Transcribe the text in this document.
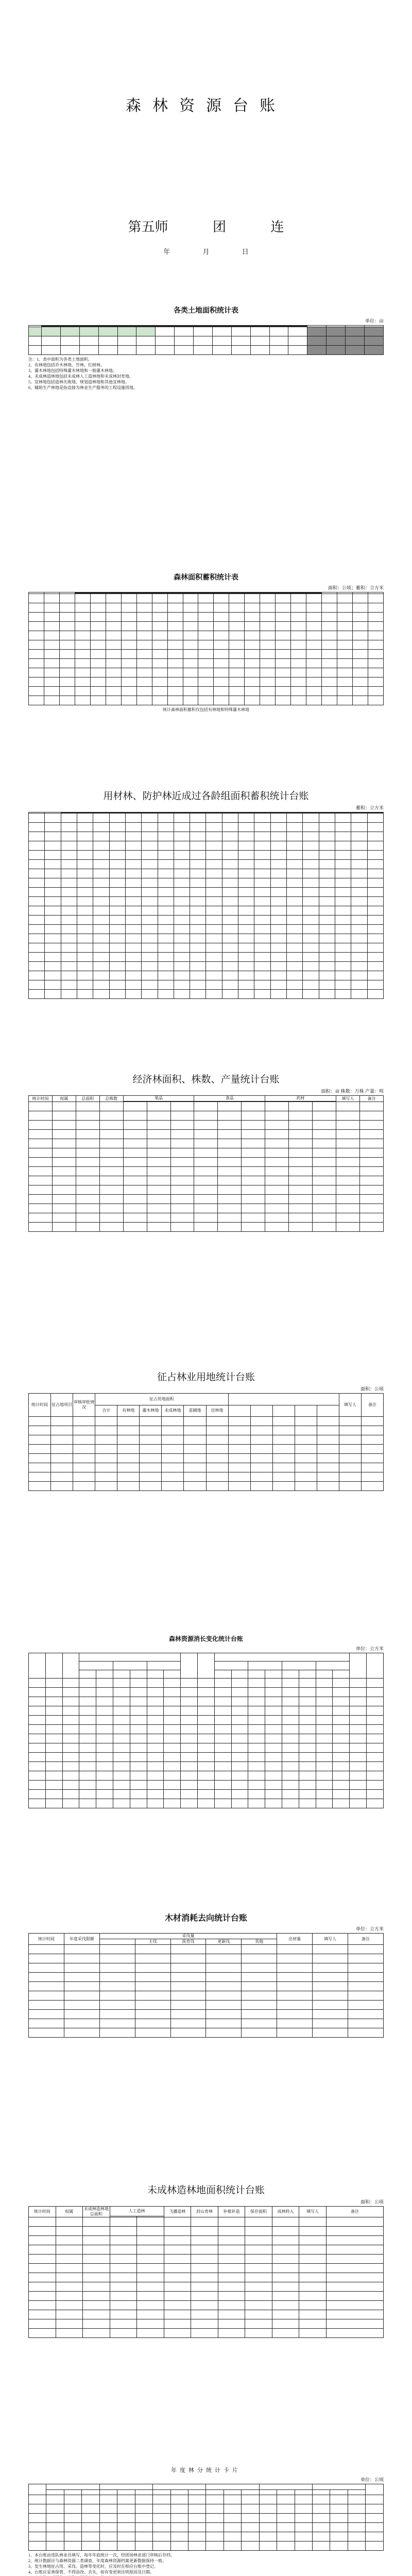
森林资源台账
第五师	团	连
年	月	日
各类土地面积统计表
单位：亩

注：1、表中面积为各类土地面积。
2、有林地包括乔木林地、竹林、红树林。
3、灌木林地包括特殊灌木林地和一般灌木林地。
4、未成林造林地包括未成林人工造林地和未成林封育地。
5、宜林地包括造林失败地、规划造林地和其他宜林地。
6、辅助生产林地是指直接为林业生产服务的工程设施用地。
森林面积蓄积统计表
面积：公顷；蓄积：立方米

统计森林面积蓄积仅包括有林地和特殊灌木林地
用材林、防护林近成过各龄组面积蓄积统计台账
蓄积：立方米

经济林面积、株数、产量统计台账
面积：亩 株数：万株 产量：吨
统计时间	权属	总面积	总株数	果品			食品			药材			填写人	备注

征占林业用地统计台账
面积：公顷
统计时间	征占地项目	审核审批情况	征占用地面积											填写人	备注
			合计	有林地	灌木林地	未成林地	苗圃地	宜林地							

森林资源消长变化统计台账
单位：立方米

木材消耗去向统计台账
单位：立方米
统计时间	年度采伐限额	采伐量					出材量	填写人	备注
			主伐	抚育伐	更新伐	其他			

未成林造林地面积统计台账
面积：公顷
统计时间	权属	未成林造林地总面积	人工造林		飞播造林	封山育林	补植补造	保存面积	成林转入	填写人	备注

年度林分统计卡片
单位：公顷

1、本台账由连队林业员填写，每年年底统计一次，经团场林业部门审核后存档。
2、统计数据应与森林资源二类调查、年度森林资源档案更新数据保持一致。
3、发生林地征占用、采伐、造林等变化时，应及时在相应台账中登记。
4、台账应妥善保管，不得涂改、丢失，如有变更须注明原因及日期。
